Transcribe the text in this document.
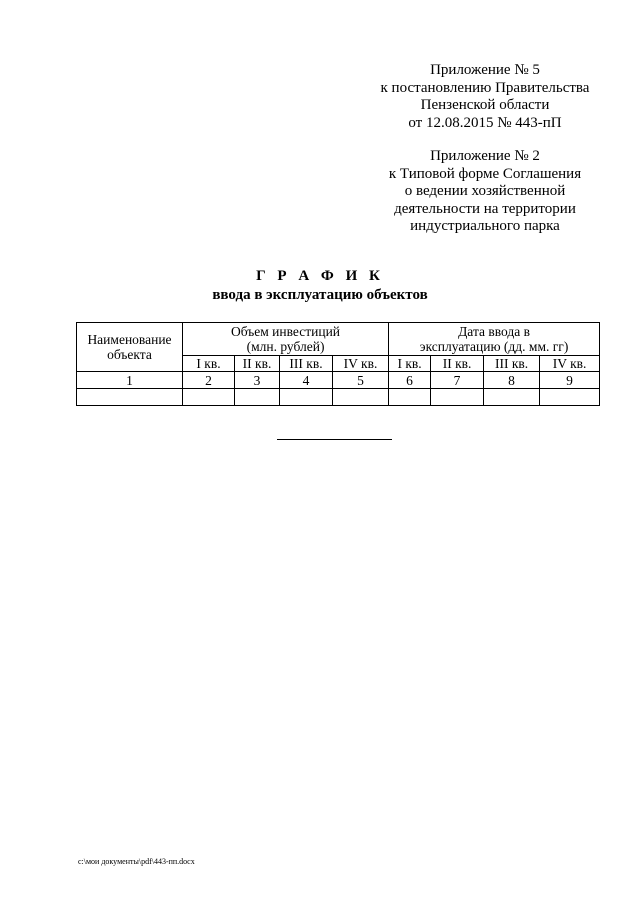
Приложение № 5
к постановлению Правительства
Пензенской области
от 12.08.2015 № 443-пП
Приложение № 2
к Типовой форме Соглашения
о ведении хозяйственной
деятельности на территории
индустриального парка
Г Р А Ф И К
ввода в эксплуатацию объектов
Наименование объекта	Объем инвестиций (млн. рублей)				Дата ввода в эксплуатацию (дд. мм. гг)			
	I кв.	II кв.	III кв.	IV кв.	I кв.	II кв.	III кв.	IV кв.
1	2	3	4	5	6	7	8	9

c:\мои документы\pdf\443-пп.docx
